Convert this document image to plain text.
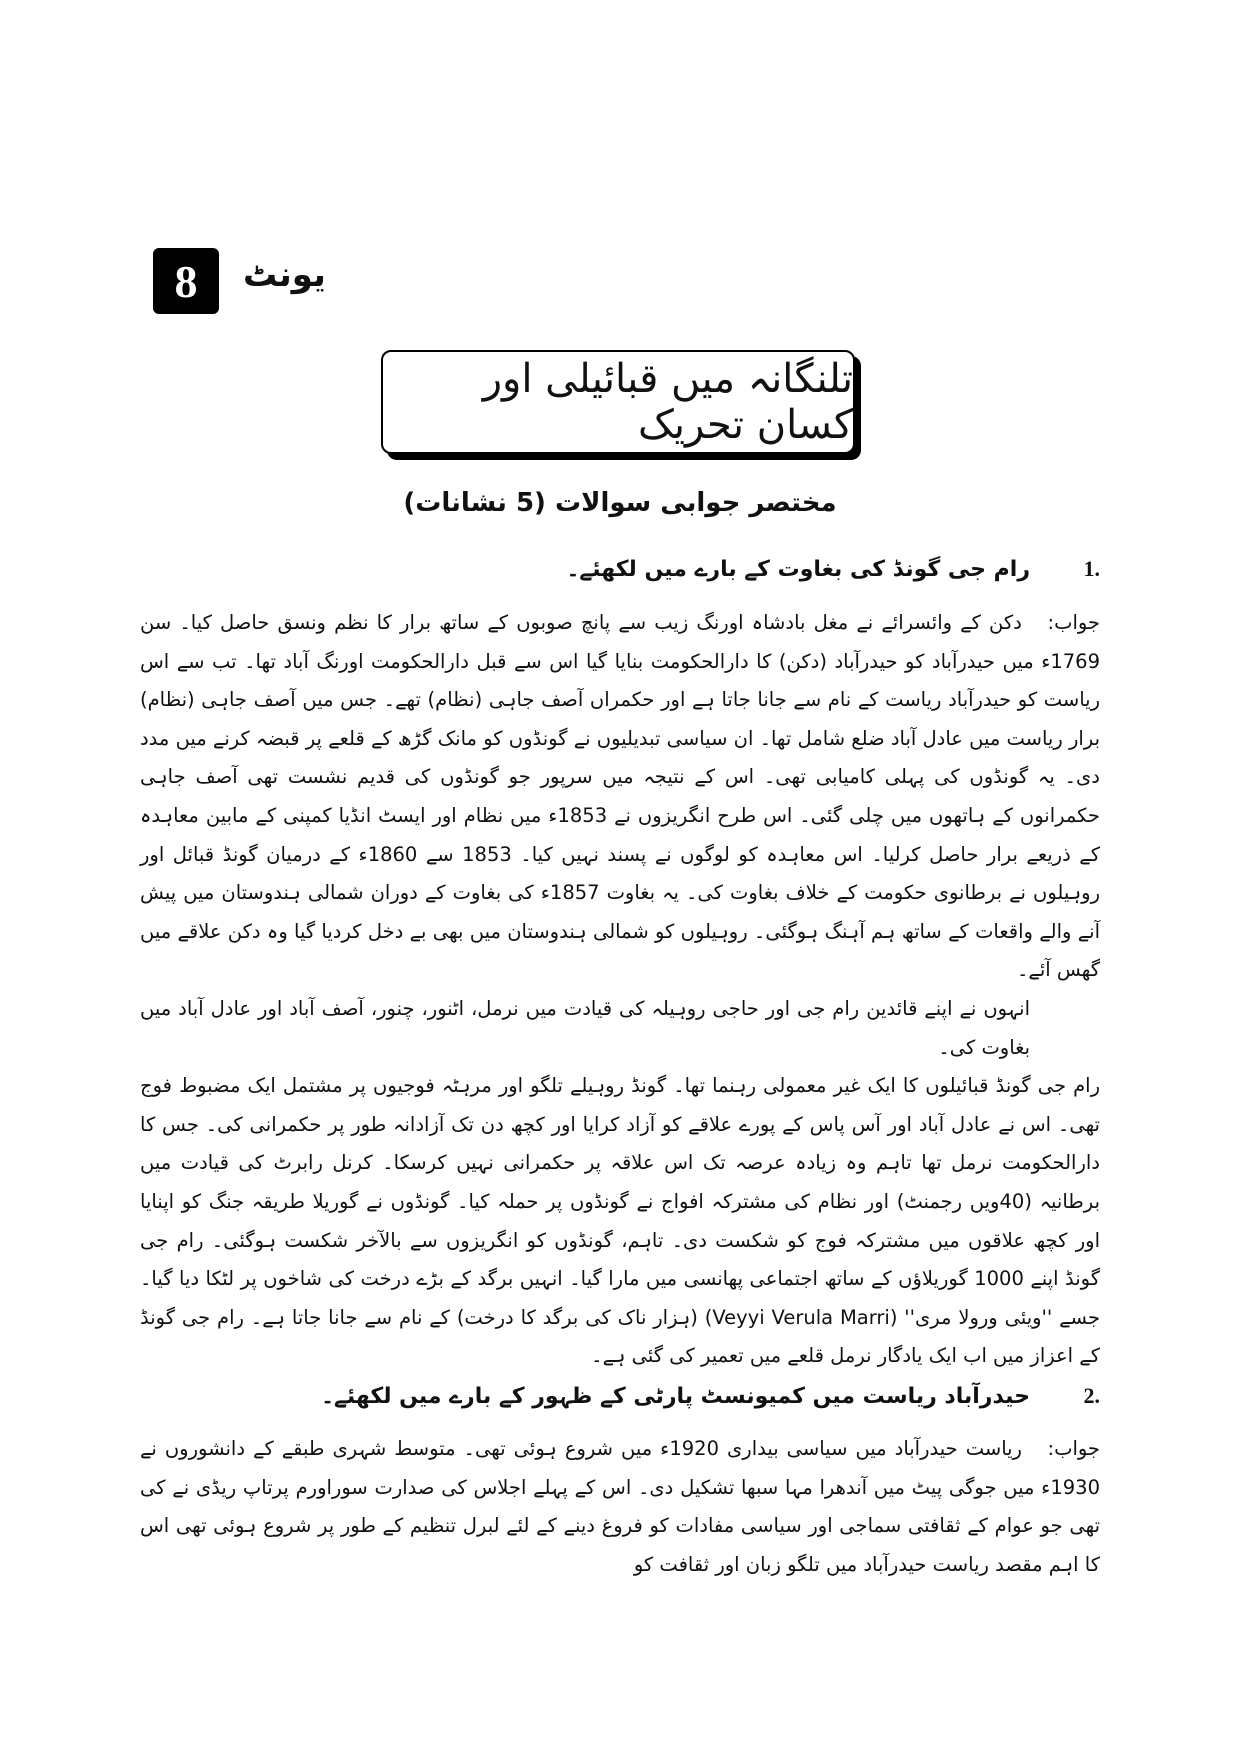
8	یونٹ
تلنگانہ میں قبائیلی اور کسان تحریک
مختصر جوابی سوالات (5 نشانات)
1.
رام جی گونڈ کی بغاوت کے بارے میں لکھئے۔
جواب: دکن کے وائسرائے نے مغل بادشاہ اورنگ زیب سے پانچ صوبوں کے ساتھ برار کا نظم ونسق حاصل کیا۔ سن 1769ء میں حیدرآباد کو حیدرآباد (دکن) کا دارالحکومت بنایا گیا اس سے قبل دارالحکومت اورنگ آباد تھا۔ تب سے اس ریاست کو حیدرآباد ریاست کے نام سے جانا جاتا ہے اور حکمراں آصف جاہی (نظام) تھے۔ جس میں آصف جاہی (نظام) برار ریاست میں عادل آباد ضلع شامل تھا۔ ان سیاسی تبدیلیوں نے گونڈوں کو مانک گڑھ کے قلعے پر قبضہ کرنے میں مدد دی۔ یہ گونڈوں کی پہلی کامیابی تھی۔ اس کے نتیجہ میں سرپور جو گونڈوں کی قدیم نشست تھی آصف جاہی حکمرانوں کے ہاتھوں میں چلی گئی۔ اس طرح انگریزوں نے 1853ء میں نظام اور ایسٹ انڈیا کمپنی کے مابین معاہدہ کے ذریعے برار حاصل کرلیا۔ اس معاہدہ کو لوگوں نے پسند نہیں کیا۔ 1853 سے 1860ء کے درمیان گونڈ قبائل اور روہیلوں نے برطانوی حکومت کے خلاف بغاوت کی۔ یہ بغاوت 1857ء کی بغاوت کے دوران شمالی ہندوستان میں پیش آنے والے واقعات کے ساتھ ہم آہنگ ہوگئی۔ روہیلوں کو شمالی ہندوستان میں بھی بے دخل کردیا گیا وہ دکن علاقے میں گھس آئے۔
انہوں نے اپنے قائدین رام جی اور حاجی روہیلہ کی قیادت میں نرمل، اٹنور، چنور، آصف آباد اور عادل آباد میں بغاوت کی۔
رام جی گونڈ قبائیلوں کا ایک غیر معمولی رہنما تھا۔ گونڈ روہیلے تلگو اور مرہٹہ فوجیوں پر مشتمل ایک مضبوط فوج تھی۔ اس نے عادل آباد اور آس پاس کے پورے علاقے کو آزاد کرایا اور کچھ دن تک آزادانہ طور پر حکمرانی کی۔ جس کا دارالحکومت نرمل تھا تاہم وہ زیادہ عرصہ تک اس علاقہ پر حکمرانی نہیں کرسکا۔ کرنل رابرٹ کی قیادت میں برطانیہ (40ویں رجمنٹ) اور نظام کی مشترکہ افواج نے گونڈوں پر حملہ کیا۔ گونڈوں نے گوریلا طریقہ جنگ کو اپنایا اور کچھ علاقوں میں مشترکہ فوج کو شکست دی۔ تاہم، گونڈوں کو انگریزوں سے بالآخر شکست ہوگئی۔ رام جی گونڈ اپنے 1000 گوریلاؤں کے ساتھ اجتماعی پھانسی میں مارا گیا۔ انہیں برگد کے بڑے درخت کی شاخوں پر لٹکا دیا گیا۔ جسے ''ویئی ورولا مری'' (Veyyi Verula Marri) (ہزار ناک کی برگد کا درخت) کے نام سے جانا جاتا ہے۔ رام جی گونڈ کے اعزاز میں اب ایک یادگار نرمل قلعے میں تعمیر کی گئی ہے۔
2.
حیدرآباد ریاست میں کمیونسٹ پارٹی کے ظہور کے بارے میں لکھئے۔
جواب: ریاست حیدرآباد میں سیاسی بیداری 1920ء میں شروع ہوئی تھی۔ متوسط شہری طبقے کے دانشوروں نے 1930ء میں جوگی پیٹ میں آندھرا مہا سبھا تشکیل دی۔ اس کے پہلے اجلاس کی صدارت سوراورم پرتاپ ریڈی نے کی تھی جو عوام کے ثقافتی سماجی اور سیاسی مفادات کو فروغ دینے کے لئے لبرل تنظیم کے طور پر شروع ہوئی تھی اس کا اہم مقصد ریاست حیدرآباد میں تلگو زبان اور ثقافت کو
